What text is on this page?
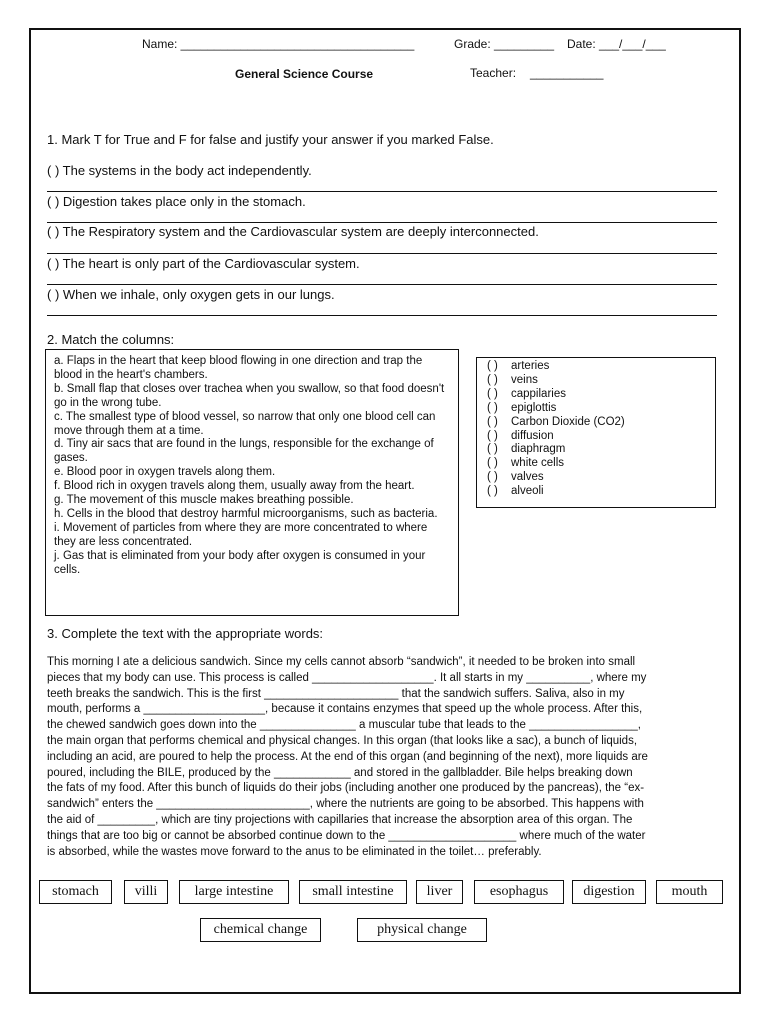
Name: ___________________________________	Grade: _________ Date: ___/___/___
General Science Course	Teacher: ___________
1. Mark T for True and F for false and justify your answer if you marked False.
( ) The systems in the body act independently.
( ) Digestion takes place only in the stomach.
( ) The Respiratory system and the Cardiovascular system are deeply interconnected.
( ) The heart is only part of the Cardiovascular system.
( ) When we inhale, only oxygen gets in our lungs.
2. Match the columns:
a. Flaps in the heart that keep blood flowing in one direction and trap the blood in the heart's chambers.
b. Small flap that closes over trachea when you swallow, so that food doesn't go in the wrong tube.
c. The smallest type of blood vessel, so narrow that only one blood cell can move through them at a time.
d. Tiny air sacs that are found in the lungs, responsible for the exchange of gases.
e. Blood poor in oxygen travels along them.
f. Blood rich in oxygen travels along them, usually away from the heart.
g. The movement of this muscle makes breathing possible.
h. Cells in the blood that destroy harmful microorganisms, such as bacteria.
i. Movement of particles from where they are more concentrated to where they are less concentrated.
j. Gas that is eliminated from your body after oxygen is consumed in your cells.
( )	arteries
( )	veins
( )	cappilaries
( )	epiglottis
( )	Carbon Dioxide (CO2)
( )	diffusion
( )	diaphragm
( )	white cells
( )	valves
( )	alveoli
3. Complete the text with the appropriate words:
This morning I ate a delicious sandwich. Since my cells cannot absorb “sandwich”, it needed to be broken into small
pieces that my body can use. This process is called ___________________. It all starts in my __________, where my
teeth breaks the sandwich. This is the first _____________________ that the sandwich suffers. Saliva, also in my
mouth, performs a ___________________, because it contains enzymes that speed up the whole process. After this,
the chewed sandwich goes down into the _______________ a muscular tube that leads to the _________________,
the main organ that performs chemical and physical changes. In this organ (that looks like a sac), a bunch of liquids,
including an acid, are poured to help the process. At the end of this organ (and beginning of the next), more liquids are
poured, including the BILE, produced by the ____________ and stored in the gallbladder. Bile helps breaking down
the fats of my food. After this bunch of liquids do their jobs (including another one produced by the pancreas), the “ex-
sandwich” enters the ________________________, where the nutrients are going to be absorbed. This happens with
the aid of _________, which are tiny projections with capillaries that increase the absorption area of this organ. The
things that are too big or cannot be absorbed continue down to the ____________________ where much of the water
is absorbed, while the wastes move forward to the anus to be eliminated in the toilet… preferably.
stomach	villi	large intestine	small intestine	liver	esophagus	digestion	mouth
chemical change	physical change
